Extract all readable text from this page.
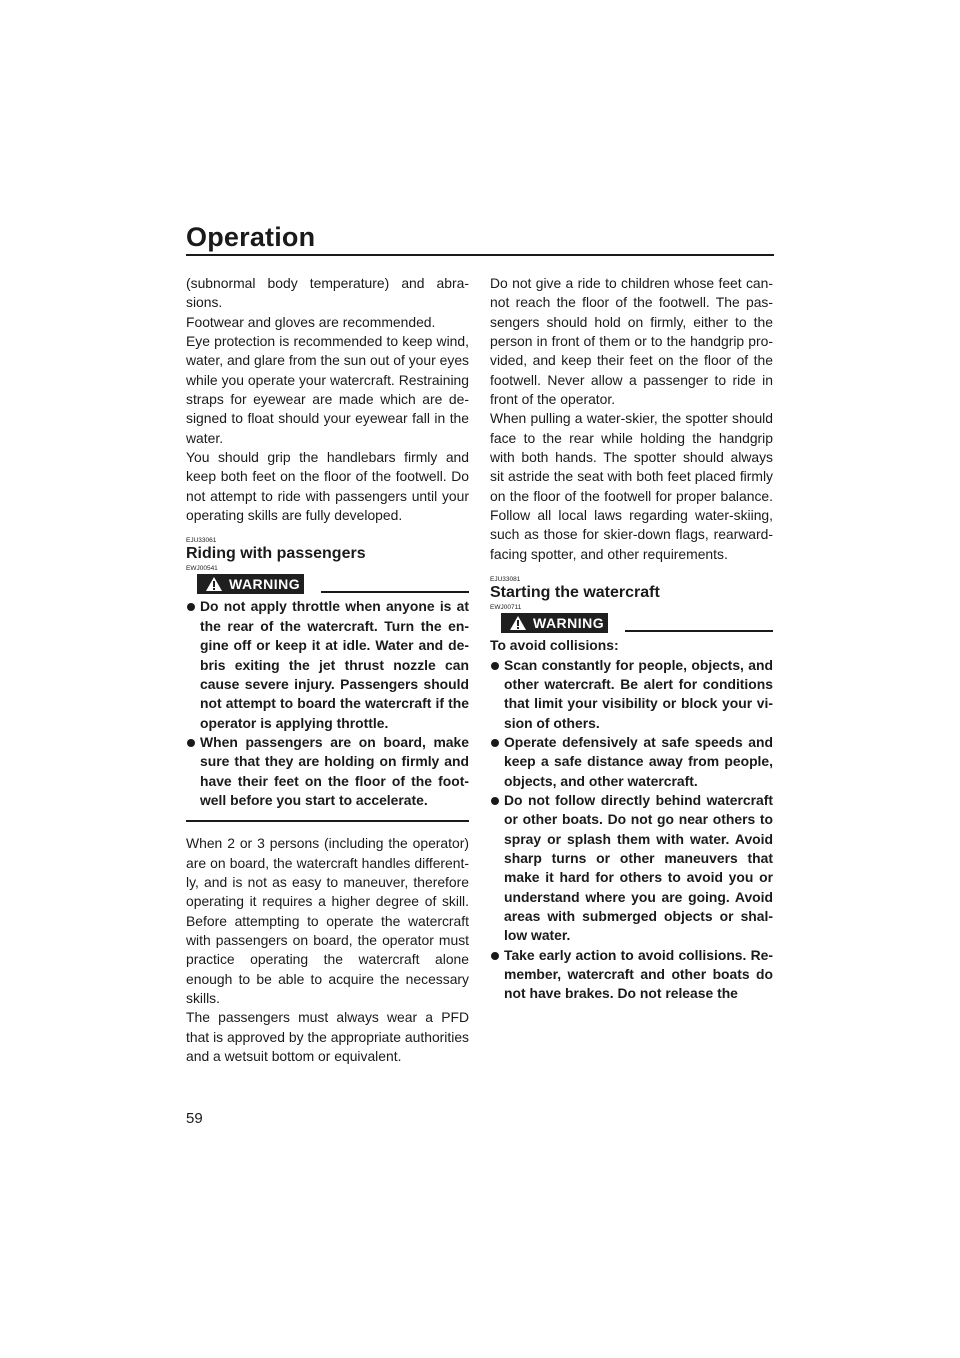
Operation

(subnormal body temperature) and abra-sions.

Footwear and gloves are recommended.

Eye protection is recommended to keep wind, water, and glare from the sun out of your eyes while you operate your watercraft. Restraining straps for eyewear are made which are de-signed to float should your eyewear fall in the water.

You should grip the handlebars firmly and keep both feet on the floor of the footwell. Do not attempt to ride with passengers until your operating skills are fully developed.

EJU33061
Riding with passengers
EWJ00541
WARNING
Do not apply throttle when anyone is at the rear of the watercraft. Turn the en-gine off or keep it at idle. Water and de-bris exiting the jet thrust nozzle can cause severe injury. Passengers should not attempt to board the watercraft if the operator is applying throttle.
When passengers are on board, make sure that they are holding on firmly and have their feet on the floor of the foot-well before you start to accelerate.

When 2 or 3 persons (including the operator) are on board, the watercraft handles different-ly, and is not as easy to maneuver, therefore operating it requires a higher degree of skill. Before attempting to operate the watercraft with passengers on board, the operator must practice operating the watercraft alone enough to be able to acquire the necessary skills.

The passengers must always wear a PFD that is approved by the appropriate authorities and a wetsuit bottom or equivalent.

Do not give a ride to children whose feet can-not reach the floor of the footwell. The pas-sengers should hold on firmly, either to the person in front of them or to the handgrip pro-vided, and keep their feet on the floor of the footwell. Never allow a passenger to ride in front of the operator.

When pulling a water-skier, the spotter should face to the rear while holding the handgrip with both hands. The spotter should always sit astride the seat with both feet placed firmly on the floor of the footwell for proper balance. Follow all local laws regarding water-skiing, such as those for skier-down flags, rearward-facing spotter, and other requirements.

EJU33081
Starting the watercraft
EWJ00711
WARNING
To avoid collisions:
Scan constantly for people, objects, and other watercraft. Be alert for conditions that limit your visibility or block your vi-sion of others.
Operate defensively at safe speeds and keep a safe distance away from people, objects, and other watercraft.
Do not follow directly behind watercraft or other boats. Do not go near others to spray or splash them with water. Avoid sharp turns or other maneuvers that make it hard for others to avoid you or understand where you are going. Avoid areas with submerged objects or shal-low water.
Take early action to avoid collisions. Re-member, watercraft and other boats do not have brakes. Do not release the
59
